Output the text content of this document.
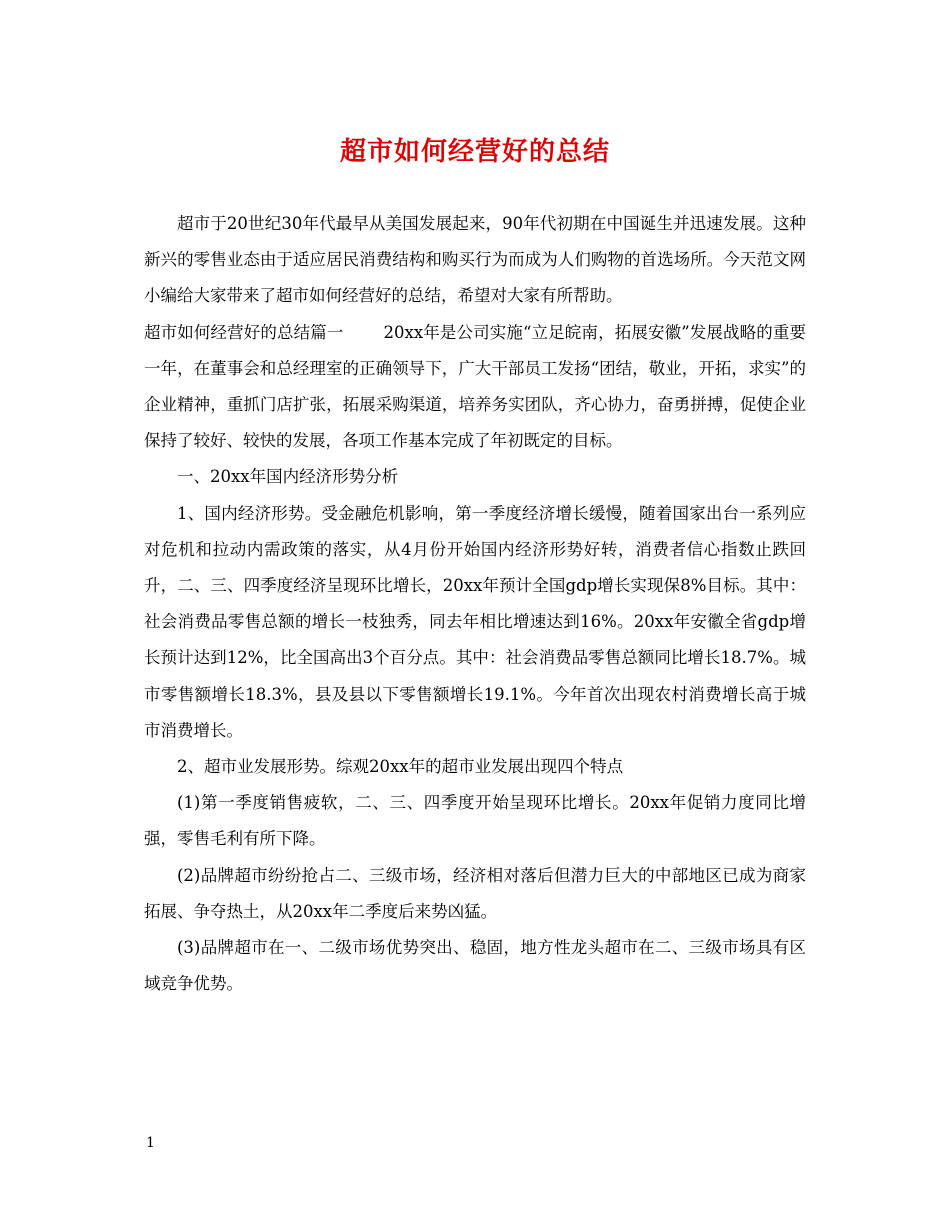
超市如何经营好的总结

超市于20世纪30年代最早从美国发展起来，90年代初期在中国诞生并迅速发展。这种新兴的零售业态由于适应居民消费结构和购买行为而成为人们购物的首选场所。今天范文网小编给大家带来了超市如何经营好的总结，希望对大家有所帮助。

超市如何经营好的总结篇一 20xx年是公司实施“立足皖南，拓展安徽”发展战略的重要一年，在董事会和总经理室的正确领导下，广大干部员工发扬“团结，敬业，开拓，求实”的企业精神，重抓门店扩张，拓展采购渠道，培养务实团队，齐心协力，奋勇拼搏，促使企业保持了较好、较快的发展，各项工作基本完成了年初既定的目标。

一、20xx年国内经济形势分析

1、国内经济形势。受金融危机影响，第一季度经济增长缓慢，随着国家出台一系列应对危机和拉动内需政策的落实，从4月份开始国内经济形势好转，消费者信心指数止跌回升，二、三、四季度经济呈现环比增长，20xx年预计全国gdp增长实现保8%目标。其中：社会消费品零售总额的增长一枝独秀，同去年相比增速达到16%。20xx年安徽全省gdp增长预计达到12%，比全国高出3个百分点。其中：社会消费品零售总额同比增长18.7%。城市零售额增长18.3%，县及县以下零售额增长19.1%。今年首次出现农村消费增长高于城市消费增长。

2、超市业发展形势。综观20xx年的超市业发展出现四个特点

(1)第一季度销售疲软，二、三、四季度开始呈现环比增长。20xx年促销力度同比增强，零售毛利有所下降。

(2)品牌超市纷纷抢占二、三级市场，经济相对落后但潜力巨大的中部地区已成为商家拓展、争夺热土，从20xx年二季度后来势凶猛。

(3)品牌超市在一、二级市场优势突出、稳固，地方性龙头超市在二、三级市场具有区域竞争优势。

1
